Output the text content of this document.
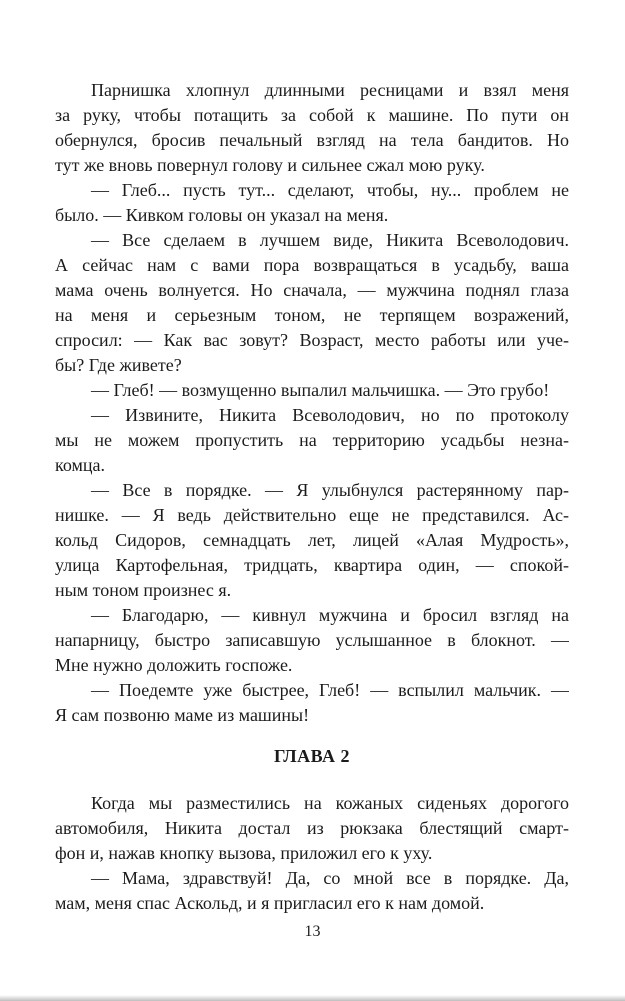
Парнишка хлопнул длинными ресницами и взял меня
за руку, чтобы потащить за собой к машине. По пути он
обернулся, бросив печальный взгляд на тела бандитов. Но
тут же вновь повернул голову и сильнее сжал мою руку.
— Глеб... пусть тут... сделают, чтобы, ну... проблем не
было. — Кивком головы он указал на меня.
— Все сделаем в лучшем виде, Никита Всеволодович.
А сейчас нам с вами пора возвращаться в усадьбу, ваша
мама очень волнуется. Но сначала, — мужчина поднял глаза
на меня и серьезным тоном, не терпящем возражений,
спросил: — Как вас зовут? Возраст, место работы или уче-
бы? Где живете?
— Глеб! — возмущенно выпалил мальчишка. — Это грубо!
— Извините, Никита Всеволодович, но по протоколу
мы не можем пропустить на территорию усадьбы незна-
комца.
— Все в порядке. — Я улыбнулся растерянному пар-
нишке. — Я ведь действительно еще не представился. Ас-
кольд Сидоров, семнадцать лет, лицей «Алая Мудрость»,
улица Картофельная, тридцать, квартира один, — спокой-
ным тоном произнес я.
— Благодарю, — кивнул мужчина и бросил взгляд на
напарницу, быстро записавшую услышанное в блокнот. —
Мне нужно доложить госпоже.
— Поедемте уже быстрее, Глеб! — вспылил мальчик. —
Я сам позвоню маме из машины!
ГЛАВА 2
Когда мы разместились на кожаных сиденьях дорогого
автомобиля, Никита достал из рюкзака блестящий смарт-
фон и, нажав кнопку вызова, приложил его к уху.
— Мама, здравствуй! Да, со мной все в порядке. Да,
мам, меня спас Аскольд, и я пригласил его к нам домой.
13
